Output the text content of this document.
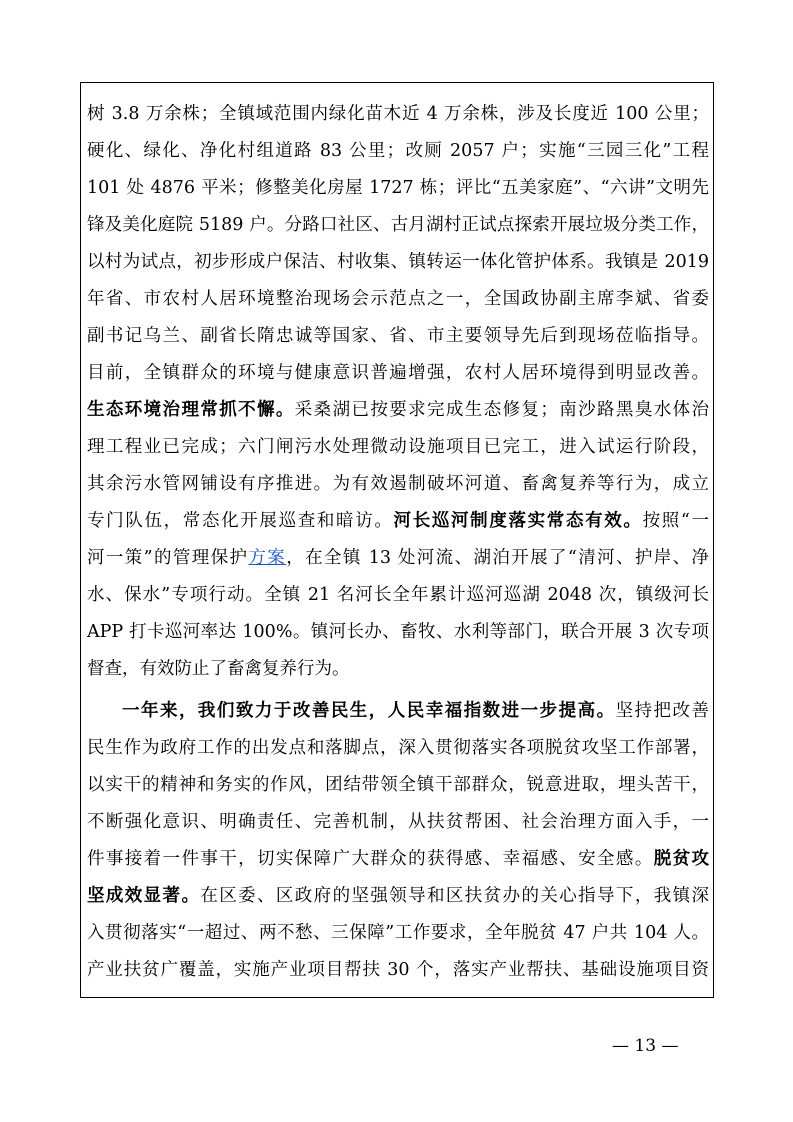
树 3.8 万余株；全镇域范围内绿化苗木近 4 万余株，涉及长度近 100 公里；
硬化、绿化、净化村组道路 83 公里；改厕 2057 户；实施“三园三化”工程
101 处 4876 平米；修整美化房屋 1727 栋；评比“五美家庭”、“六讲”文明先
锋及美化庭院 5189 户。分路口社区、古月湖村正试点探索开展垃圾分类工作，
以村为试点，初步形成户保洁、村收集、镇转运一体化管护体系。我镇是 2019
年省、市农村人居环境整治现场会示范点之一，全国政协副主席李斌、省委
副书记乌兰、副省长隋忠诚等国家、省、市主要领导先后到现场莅临指导。
目前，全镇群众的环境与健康意识普遍增强，农村人居环境得到明显改善。
生态环境治理常抓不懈。采桑湖已按要求完成生态修复；南沙路黑臭水体治
理工程业已完成；六门闸污水处理微动设施项目已完工，进入试运行阶段，
其余污水管网铺设有序推进。为有效遏制破坏河道、畜禽复养等行为，成立
专门队伍，常态化开展巡查和暗访。河长巡河制度落实常态有效。按照“一
河一策”的管理保护方案，在全镇 13 处河流、湖泊开展了“清河、护岸、净
水、保水”专项行动。全镇 21 名河长全年累计巡河巡湖 2048 次，镇级河长
APP 打卡巡河率达 100%。镇河长办、畜牧、水利等部门，联合开展 3 次专项
督查，有效防止了畜禽复养行为。
一年来，我们致力于改善民生，人民幸福指数进一步提高。坚持把改善
民生作为政府工作的出发点和落脚点，深入贯彻落实各项脱贫攻坚工作部署，
以实干的精神和务实的作风，团结带领全镇干部群众，锐意进取，埋头苦干，
不断强化意识、明确责任、完善机制，从扶贫帮困、社会治理方面入手，一
件事接着一件事干，切实保障广大群众的获得感、幸福感、安全感。脱贫攻
坚成效显著。在区委、区政府的坚强领导和区扶贫办的关心指导下，我镇深
入贯彻落实“一超过、两不愁、三保障”工作要求，全年脱贫 47 户共 104 人。
产业扶贫广覆盖，实施产业项目帮扶 30 个，落实产业帮扶、基础设施项目资
— 13 —
